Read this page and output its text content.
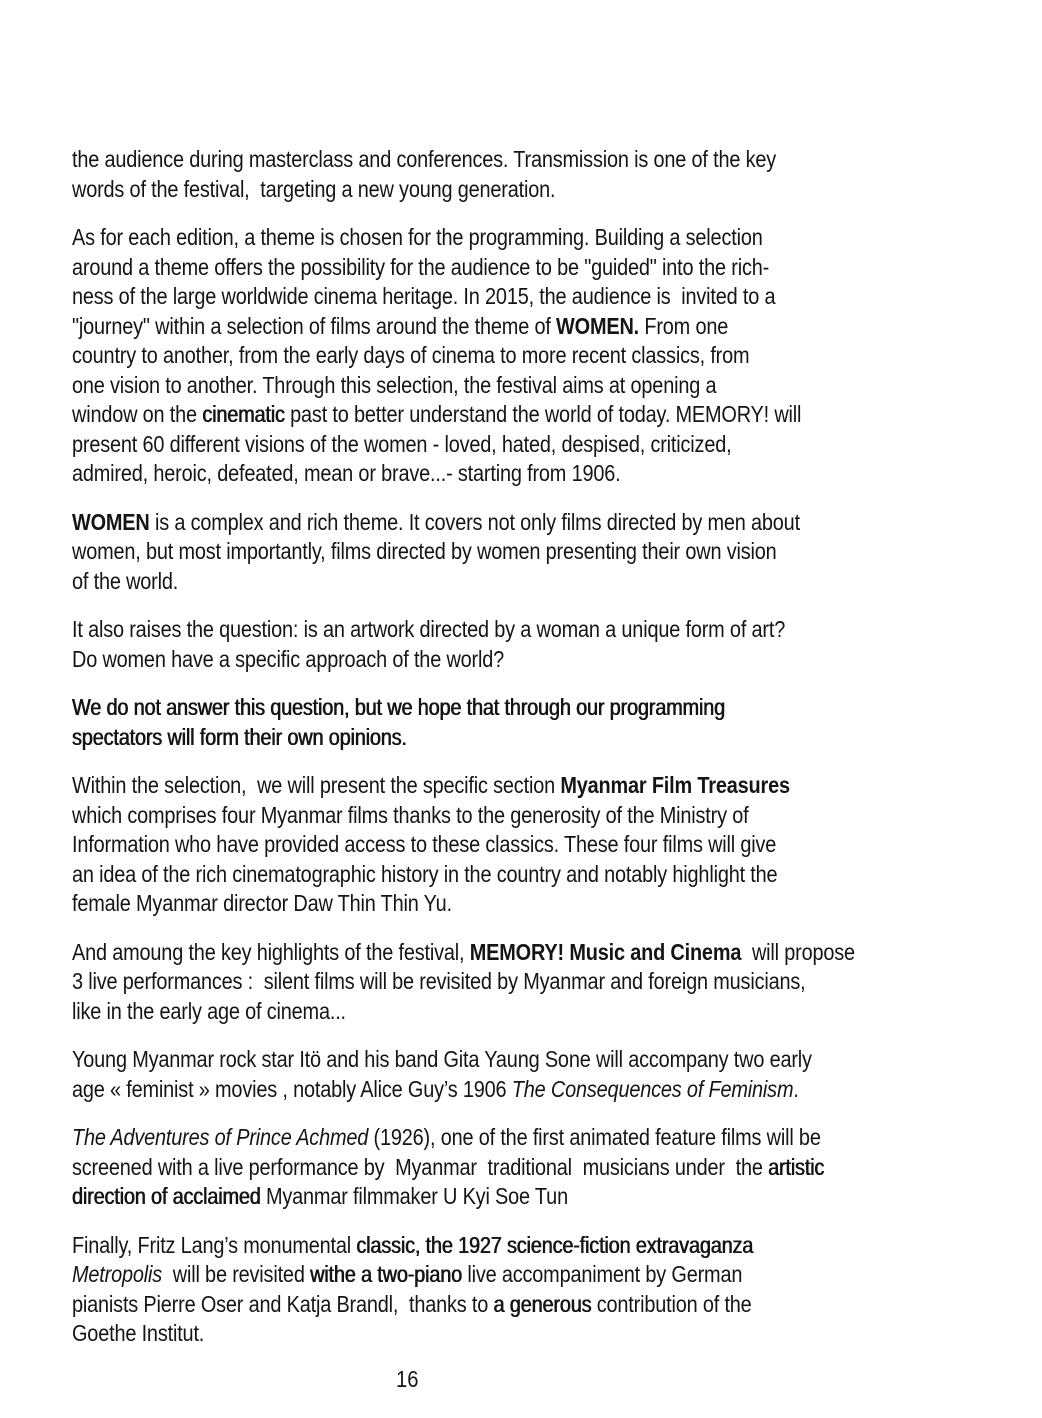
the audience during masterclass and conferences. Transmission is one of the key
words of the festival,  targeting a new young generation.

As for each edition, a theme is chosen for the programming. Building a selection
around a theme offers the possibility for the audience to be "guided" into the rich-
ness of the large worldwide cinema heritage. In 2015, the audience is  invited to a
"journey" within a selection of films around the theme of WOMEN. From one
country to another, from the early days of cinema to more recent classics, from
one vision to another. Through this selection, the festival aims at opening a
window on the cinematic past to better understand the world of today. MEMORY! will
present 60 different visions of the women - loved, hated, despised, criticized,
admired, heroic, defeated, mean or brave...- starting from 1906.

WOMEN is a complex and rich theme. It covers not only films directed by men about
women, but most importantly, films directed by women presenting their own vision
of the world.

It also raises the question: is an artwork directed by a woman a unique form of art?
Do women have a specific approach of the world?

We do not answer this question, but we hope that through our programming
spectators will form their own opinions.

Within the selection,  we will present the specific section Myanmar Film Treasures
which comprises four Myanmar films thanks to the generosity of the Ministry of
Information who have provided access to these classics. These four films will give
an idea of the rich cinematographic history in the country and notably highlight the
female Myanmar director Daw Thin Thin Yu.

And amoung the key highlights of the festival, MEMORY! Music and Cinema  will propose
3 live performances :  silent films will be revisited by Myanmar and foreign musicians,
like in the early age of cinema...

Young Myanmar rock star Itö and his band Gita Yaung Sone will accompany two early
age « feminist » movies , notably Alice Guy’s 1906 The Consequences of Feminism.

The Adventures of Prince Achmed (1926), one of the first animated feature films will be
screened with a live performance by  Myanmar  traditional  musicians under  the artistic
direction of acclaimed Myanmar filmmaker U Kyi Soe Tun

Finally, Fritz Lang’s monumental classic, the 1927 science-fiction extravaganza
Metropolis  will be revisited withe a two-piano live accompaniment by German
pianists Pierre Oser and Katja Brandl,  thanks to a generous contribution of the
Goethe Institut.

16
